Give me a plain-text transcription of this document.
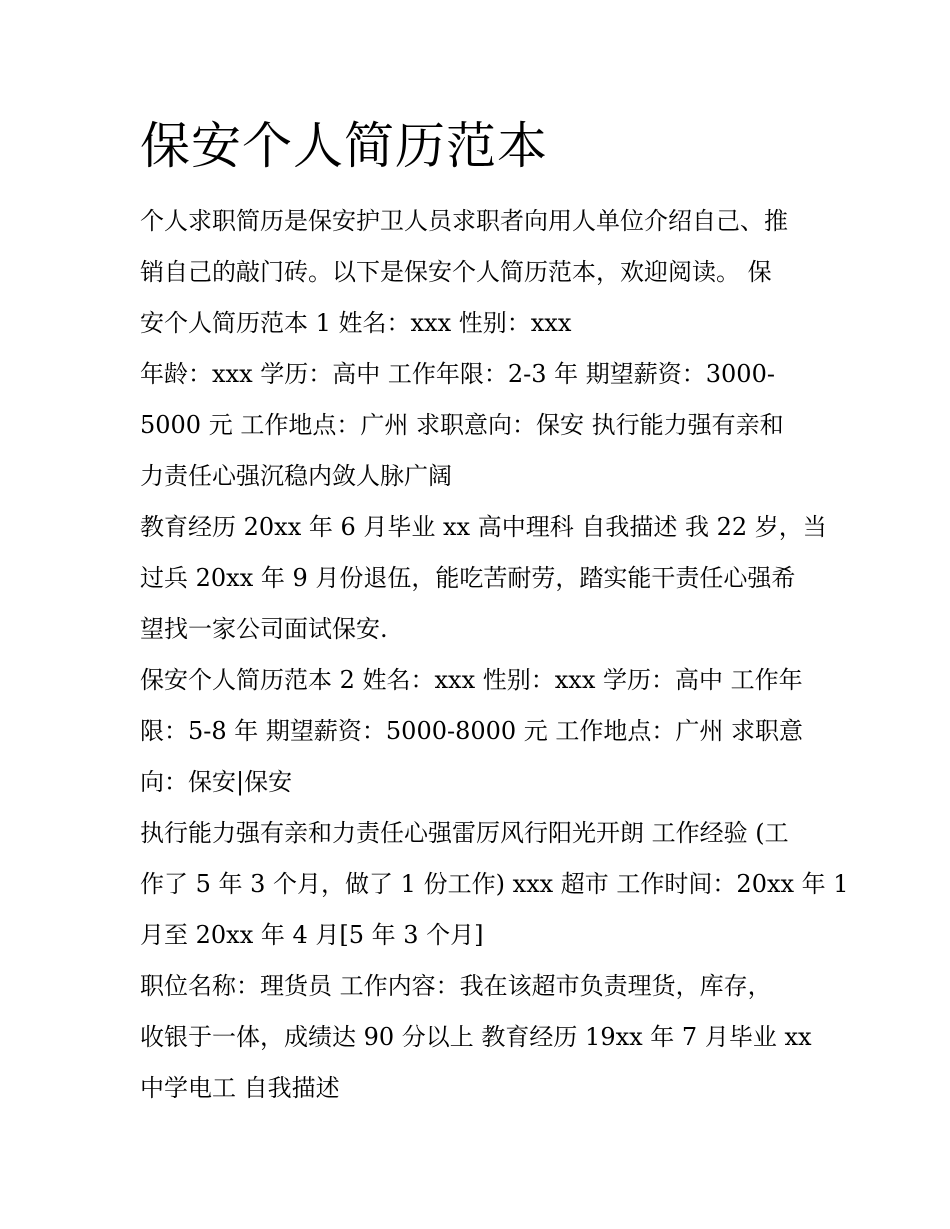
保安个人简历范本

个人求职简历是保安护卫人员求职者向用人单位介绍自己、推
销自己的敲门砖。以下是保安个人简历范本，欢迎阅读。 保
安个人简历范本 1 姓名：xxx 性别：xxx

年龄：xxx 学历：高中 工作年限：2-3 年 期望薪资：3000-
5000 元 工作地点：广州 求职意向：保安 执行能力强有亲和
力责任心强沉稳内敛人脉广阔

教育经历 20xx 年 6 月毕业 xx 高中理科 自我描述 我 22 岁，当
过兵 20xx 年 9 月份退伍，能吃苦耐劳，踏实能干责任心强希
望找一家公司面试保安.

保安个人简历范本 2 姓名：xxx 性别：xxx 学历：高中 工作年
限：5-8 年 期望薪资：5000-8000 元 工作地点：广州 求职意
向：保安|保安

执行能力强有亲和力责任心强雷厉风行阳光开朗 工作经验 (工
作了 5 年 3 个月，做了 1 份工作) xxx 超市 工作时间：20xx 年 1
月至 20xx 年 4 月[5 年 3 个月]

职位名称：理货员 工作内容：我在该超市负责理货，库存，
收银于一体，成绩达 90 分以上 教育经历 19xx 年 7 月毕业 xx
中学电工 自我描述
